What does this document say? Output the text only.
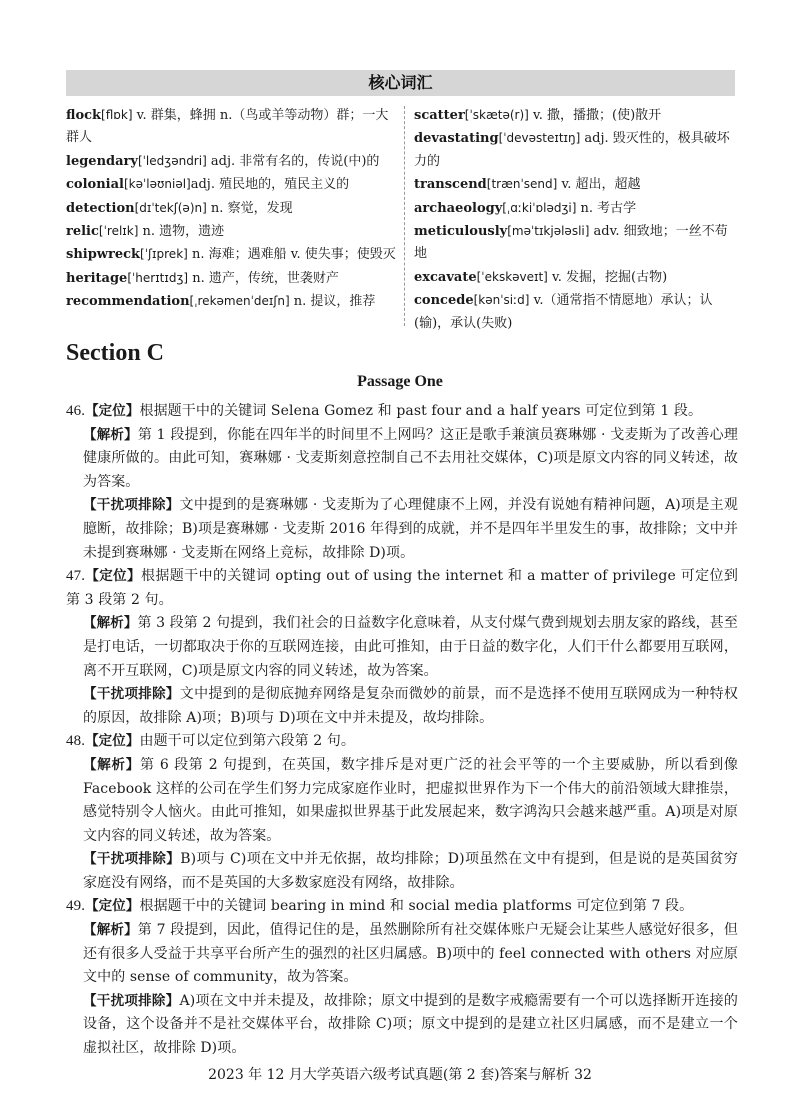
核心词汇

flock[flɒk] v. 群集，蜂拥 n.（鸟或羊等动物）群；一大群人

legendary[ˈledʒəndri] adj. 非常有名的，传说(中)的

colonial[kəˈləʊniəl]adj. 殖民地的，殖民主义的

detection[dɪˈtekʃ(ə)n] n. 察觉，发现

relic[ˈrelɪk] n. 遗物，遗迹

shipwreck[ˈʃɪprek] n. 海难；遇难船 v. 使失事；使毁灭

heritage[ˈherɪtɪdʒ] n. 遗产，传统，世袭财产

recommendation[ˌrekəmenˈdeɪʃn] n. 提议，推荐

scatter[ˈskætə(r)] v. 撒，播撒；(使)散开

devastating[ˈdevəsteɪtɪŋ] adj. 毁灭性的，极具破坏力的

transcend[trænˈsend] v. 超出，超越

archaeology[ˌɑːkiˈɒlədʒi] n. 考古学

meticulously[məˈtɪkjələsli] adv. 细致地；一丝不苟地

excavate[ˈekskəveɪt] v. 发掘，挖掘(古物)

concede[kənˈsiːd] v.（通常指不情愿地）承认；认(输)，承认(失败)

Section C
Passage One

46.【定位】根据题干中的关键词 Selena Gomez 和 past four and a half years 可定位到第 1 段。

【解析】第 1 段提到，你能在四年半的时间里不上网吗？这正是歌手兼演员赛琳娜 · 戈麦斯为了改善心理健康所做的。由此可知，赛琳娜 · 戈麦斯刻意控制自己不去用社交媒体，C)项是原文内容的同义转述，故为答案。

【干扰项排除】文中提到的是赛琳娜 · 戈麦斯为了心理健康不上网，并没有说她有精神问题，A)项是主观臆断，故排除；B)项是赛琳娜 · 戈麦斯 2016 年得到的成就，并不是四年半里发生的事，故排除；文中并未提到赛琳娜 · 戈麦斯在网络上竞标，故排除 D)项。

47.【定位】根据题干中的关键词 opting out of using the internet 和 a matter of privilege 可定位到第 3 段第 2 句。

【解析】第 3 段第 2 句提到，我们社会的日益数字化意味着，从支付煤气费到规划去朋友家的路线，甚至是打电话，一切都取决于你的互联网连接，由此可推知，由于日益的数字化，人们干什么都要用互联网，离不开互联网，C)项是原文内容的同义转述，故为答案。

【干扰项排除】文中提到的是彻底抛弃网络是复杂而微妙的前景，而不是选择不使用互联网成为一种特权的原因，故排除 A)项；B)项与 D)项在文中并未提及，故均排除。

48.【定位】由题干可以定位到第六段第 2 句。

【解析】第 6 段第 2 句提到，在英国，数字排斥是对更广泛的社会平等的一个主要威胁，所以看到像 Facebook 这样的公司在学生们努力完成家庭作业时，把虚拟世界作为下一个伟大的前沿领域大肆推崇，感觉特别令人恼火。由此可推知，如果虚拟世界基于此发展起来，数字鸿沟只会越来越严重。A)项是对原文内容的同义转述，故为答案。

【干扰项排除】B)项与 C)项在文中并无依据，故均排除；D)项虽然在文中有提到，但是说的是英国贫穷家庭没有网络，而不是英国的大多数家庭没有网络，故排除。

49.【定位】根据题干中的关键词 bearing in mind 和 social media platforms 可定位到第 7 段。

【解析】第 7 段提到，因此，值得记住的是，虽然删除所有社交媒体账户无疑会让某些人感觉好很多，但还有很多人受益于共享平台所产生的强烈的社区归属感。B)项中的 feel connected with others 对应原文中的 sense of community，故为答案。

【干扰项排除】A)项在文中并未提及，故排除；原文中提到的是数字戒瘾需要有一个可以选择断开连接的设备，这个设备并不是社交媒体平台，故排除 C)项；原文中提到的是建立社区归属感，而不是建立一个虚拟社区，故排除 D)项。

2023 年 12 月大学英语六级考试真题(第 2 套)答案与解析 32
